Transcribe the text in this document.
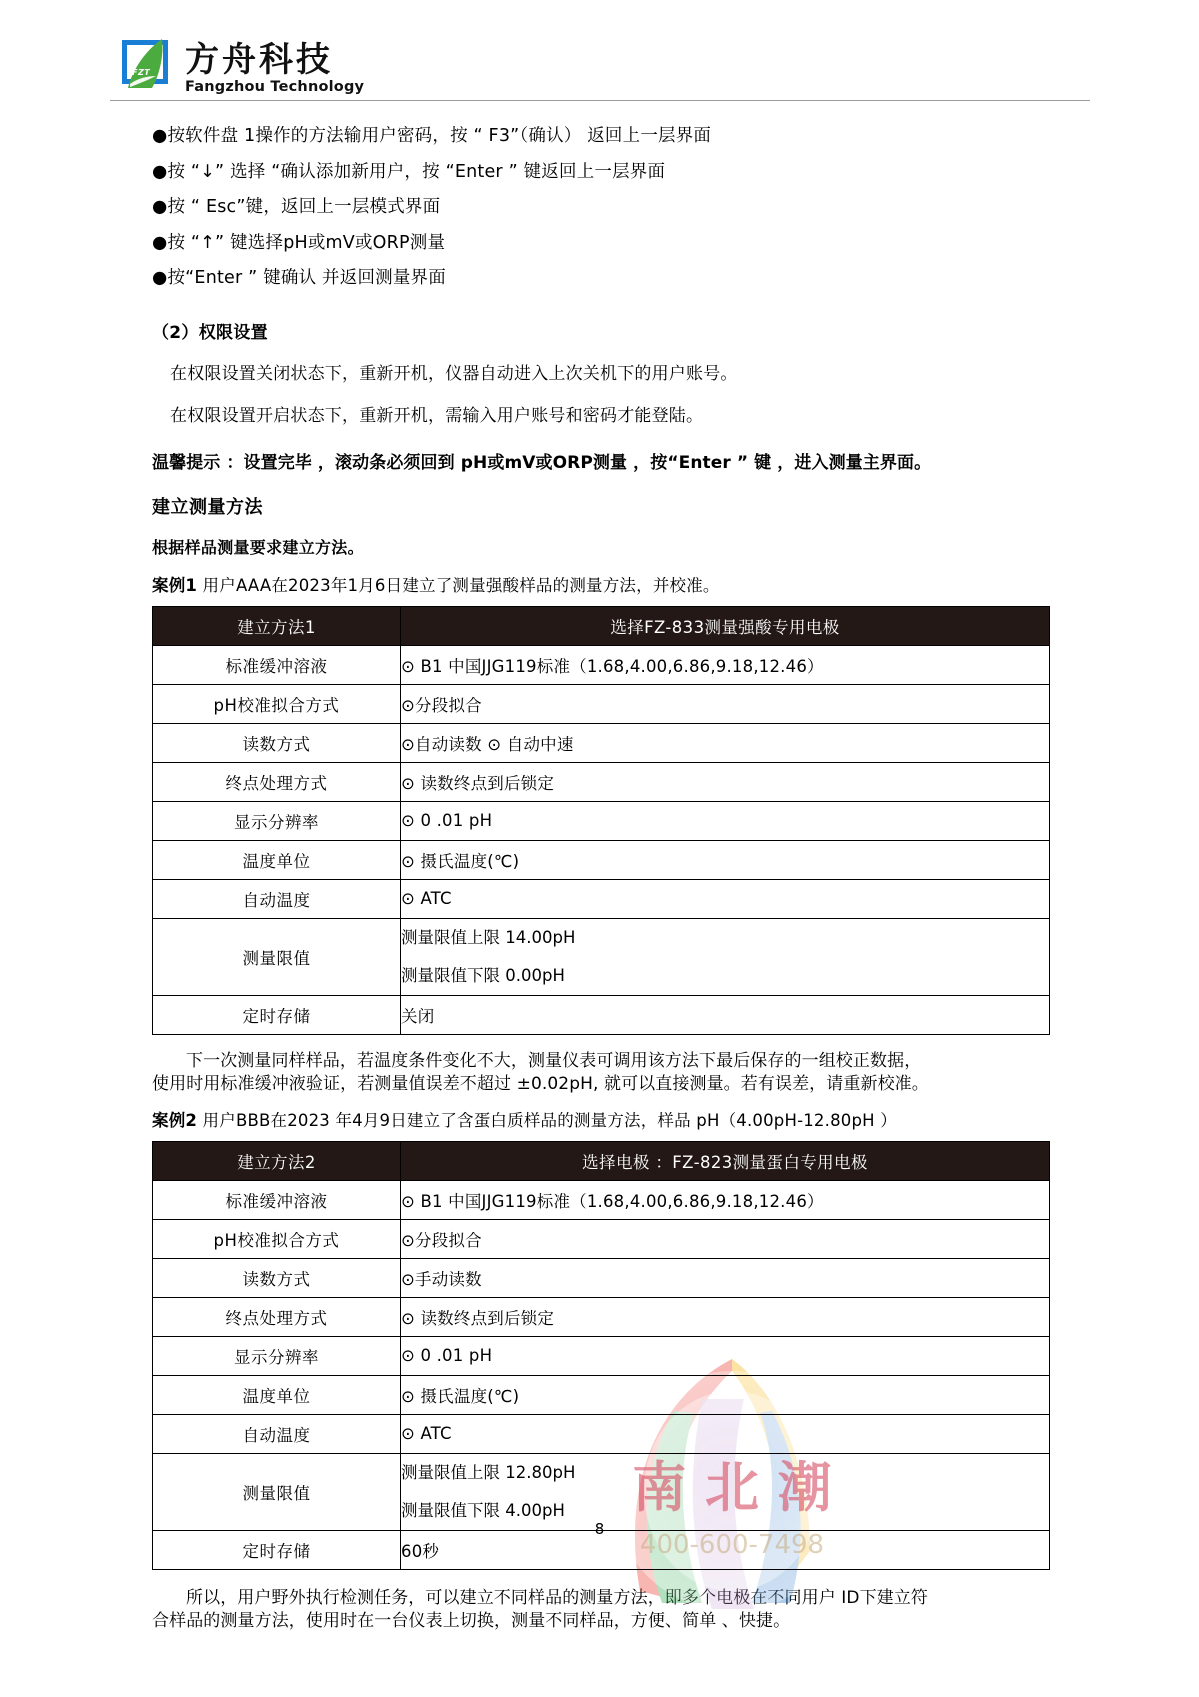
FZT 方舟科技
Fangzhou Technology
●按软件盘 1操作的方法输用户密码，按 “ F3”（确认） 返回上一层界面
●按 “↓” 选择 “确认添加新用户，按 “Enter ” 键返回上一层界面
●按 “ Esc”键，返回上一层模式界面
●按 “↑” 键选择pH或mV或ORP测量
●按“Enter ” 键确认 并返回测量界面
（2）权限设置
在权限设置关闭状态下，重新开机，仪器自动进入上次关机下的用户账号。
在权限设置开启状态下，重新开机，需输入用户账号和密码才能登陆。
温馨提示 ：设置完毕 ，滚动条必须回到 pH或mV或ORP测量 ，按“Enter ” 键 ，进入测量主界面。
建立测量方法
根据样品测量要求建立方法。
案例1 用户AAA在2023年1月6日建立了测量强酸样品的测量方法，并校准。
南 北 潮
400-600-7498
建立方法1	选择FZ-833测量强酸专用电极
标准缓冲溶液	⊙ B1 中国JJG119标准（1.68,4.00,6.86,9.18,12.46）
pH校准拟合方式	⊙分段拟合
读数方式	⊙自动读数 ⊙ 自动中速
终点处理方式	⊙ 读数终点到后锁定
显示分辨率	⊙ 0 .01 pH
温度单位	⊙ 摄氏温度(℃)
自动温度	⊙ ATC
测量限值	测量限值上限 14.00pH
测量限值下限 0.00pH

定时存储	关闭
下一次测量同样样品，若温度条件变化不大，测量仪表可调用该方法下最后保存的一组校正数据，
使用时用标准缓冲液验证，若测量值误差不超过 ±0.02pH, 就可以直接测量。若有误差，请重新校准。
案例2 用户BBB在2023 年4月9日建立了含蛋白质样品的测量方法，样品 pH（4.00pH-12.80pH ）
建立方法2	选择电极 ：FZ-823测量蛋白专用电极
标准缓冲溶液	⊙ B1 中国JJG119标准（1.68,4.00,6.86,9.18,12.46）
pH校准拟合方式	⊙分段拟合
读数方式	⊙手动读数
终点处理方式	⊙ 读数终点到后锁定
显示分辨率	⊙ 0 .01 pH
温度单位	⊙ 摄氏温度(℃)
自动温度	⊙ ATC
测量限值	测量限值上限 12.80pH
测量限值下限 4.00pH

定时存储	60秒
所以，用户野外执行检测任务，可以建立不同样品的测量方法，即多个电极在不同用户 ID下建立符
合样品的测量方法，使用时在一台仪表上切换，测量不同样品，方便、简单 、快捷。
8
